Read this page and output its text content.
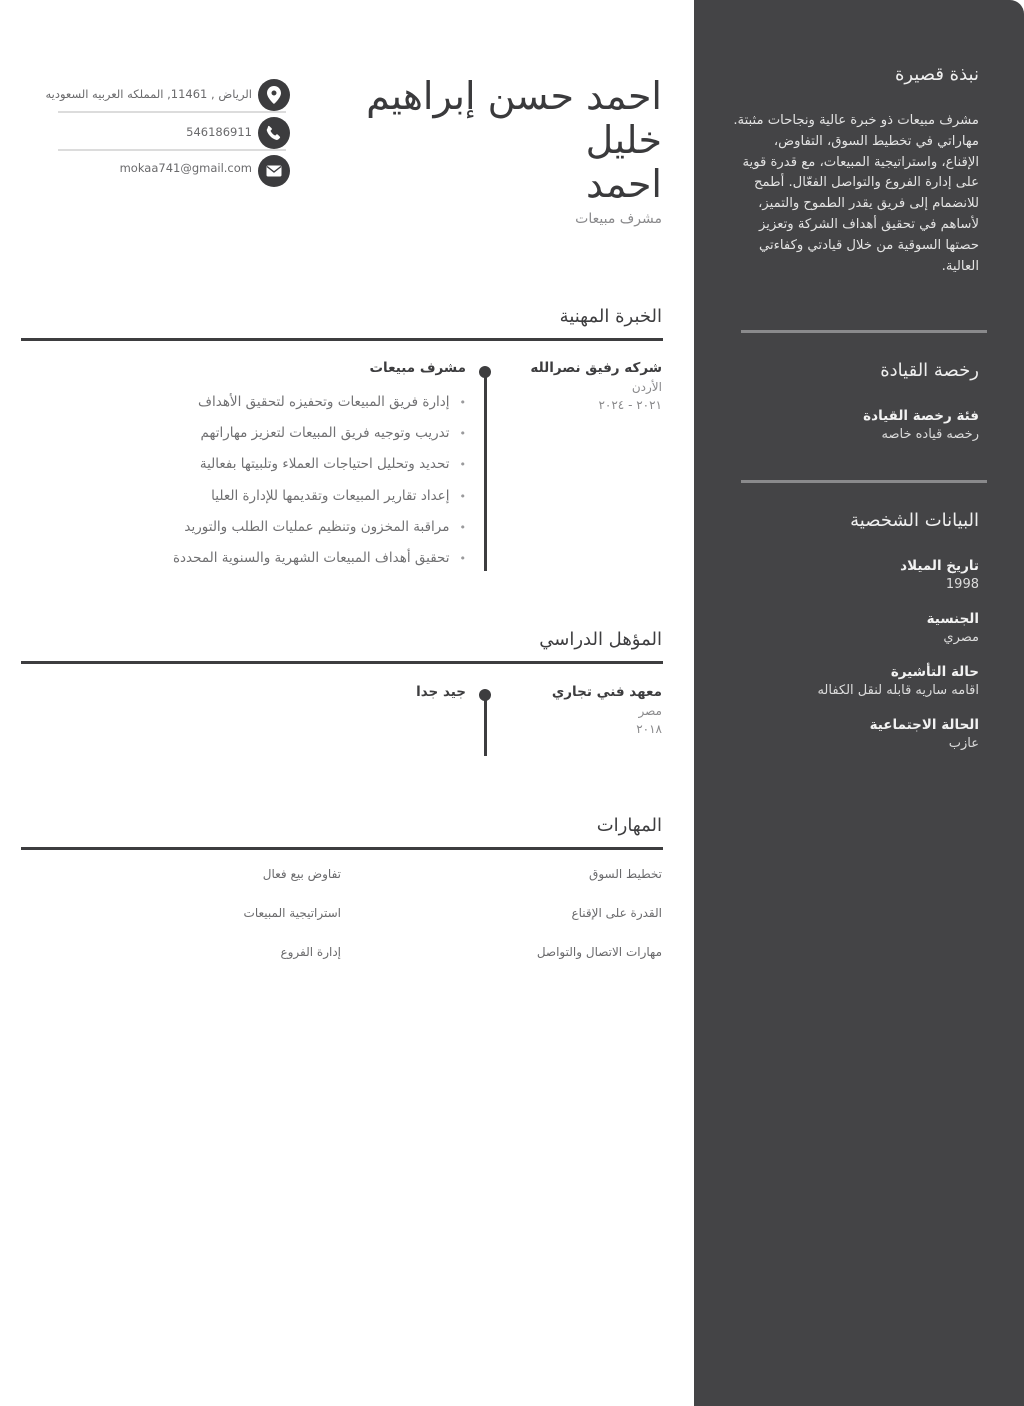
نبذة قصيرة
مشرف مبيعات ذو خبرة عالية ونجاحات مثبتة. مهاراتي في تخطيط السوق، التفاوض، الإقناع، واستراتيجية المبيعات، مع قدرة قوية على إدارة الفروع والتواصل الفعّال. أطمح للانضمام إلى فريق يقدر الطموح والتميز، لأساهم في تحقيق أهداف الشركة وتعزيز حصتها السوقية من خلال قيادتي وكفاءتي العالية.
رخصة القيادة
فئة رخصة القيادة
رخصه قياده خاصه
البيانات الشخصية
تاريخ الميلاد
1998
الجنسية
مصري
حالة التأشيرة
اقامه ساريه قابله لنقل الكفاله
الحالة الاجتماعية
عازب
احمد حسن إبراهيم
خليل
احمد
مشرف مبيعات
الرياض , 11461, المملكه العربيه السعوديه
546186911
mokaa741@gmail.com
الخبرة المهنية
شركه رفيق نصرالله
الأردن
٢٠٢١ - ٢٠٢٤
مشرف مبيعات
•إدارة فريق المبيعات وتحفيزه لتحقيق الأهداف
•تدريب وتوجيه فريق المبيعات لتعزيز مهاراتهم
•تحديد وتحليل احتياجات العملاء وتلبيتها بفعالية
•إعداد تقارير المبيعات وتقديمها للإدارة العليا
•مراقبة المخزون وتنظيم عمليات الطلب والتوريد
•تحقيق أهداف المبيعات الشهرية والسنوية المحددة
المؤهل الدراسي
معهد فني تجاري
مصر
٢٠١٨
جيد جدا
المهارات
تخطيط السوق
تفاوض بيع فعال
القدرة على الإقناع
استراتيجية المبيعات
مهارات الاتصال والتواصل
إدارة الفروع
